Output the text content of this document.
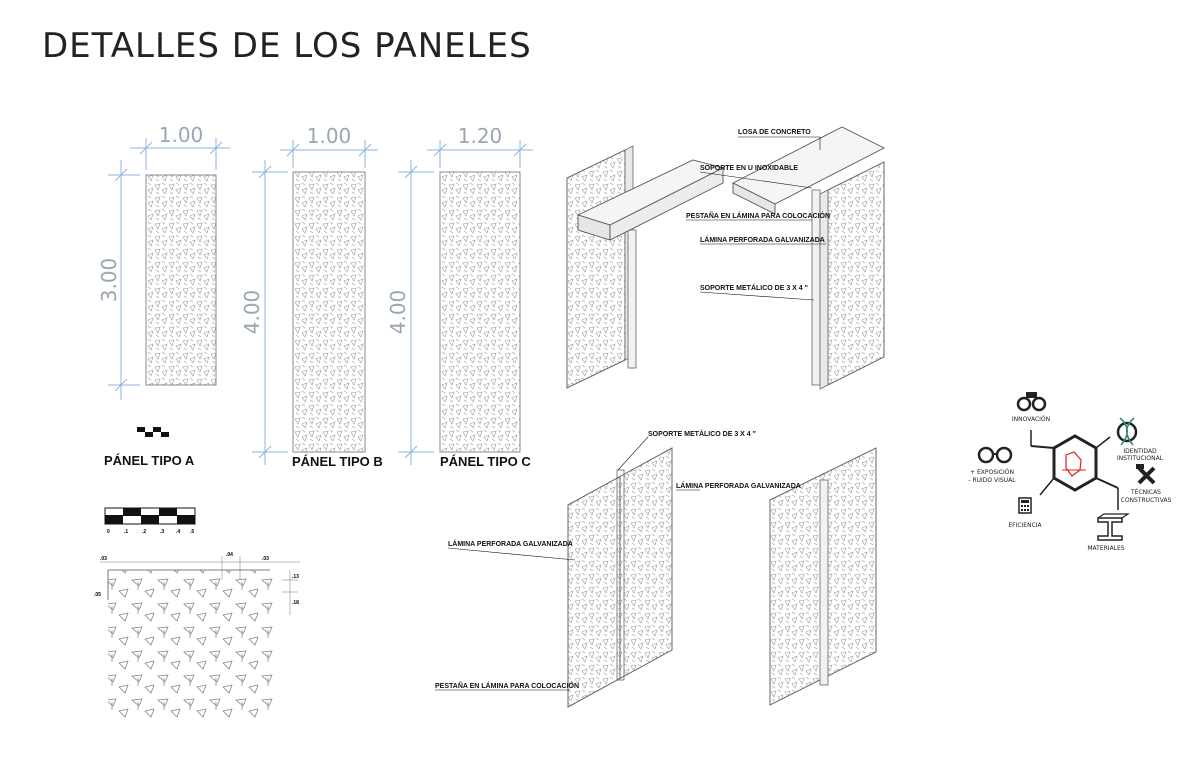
DETALLES DE LOS PANELES
1.00
3.00
PÁNEL TIPO A
1.00
4.00
PÁNEL TIPO B
1.20
4.00
PÁNEL TIPO C
0	.1	.2	.3 .4 .5
.03
.04
.03
.13
.18
.05
LOSA DE CONCRETO
SOPORTE EN U INOXIDABLE
PESTAÑA EN LÁMINA PARA COLOCACIÓN
LÁMINA PERFORADA GALVANIZADA
SOPORTE METÁLICO DE 3 X 4 "
SOPORTE METÁLICO DE 3 X 4 "
LÁMINA PERFORADA GALVANIZADA
LÁMINA PERFORADA GALVANIZADA
PESTAÑA EN LÁMINA PARA COLOCACIÓN
INNOVACIÓN
IDENTIDAD
INSTITUCIONAL
+ EXPOSICIÓN
- RUIDO VISUAL
TÉCNICAS
CONSTRUCTIVAS
EFICIENCIA
MATERIALES
